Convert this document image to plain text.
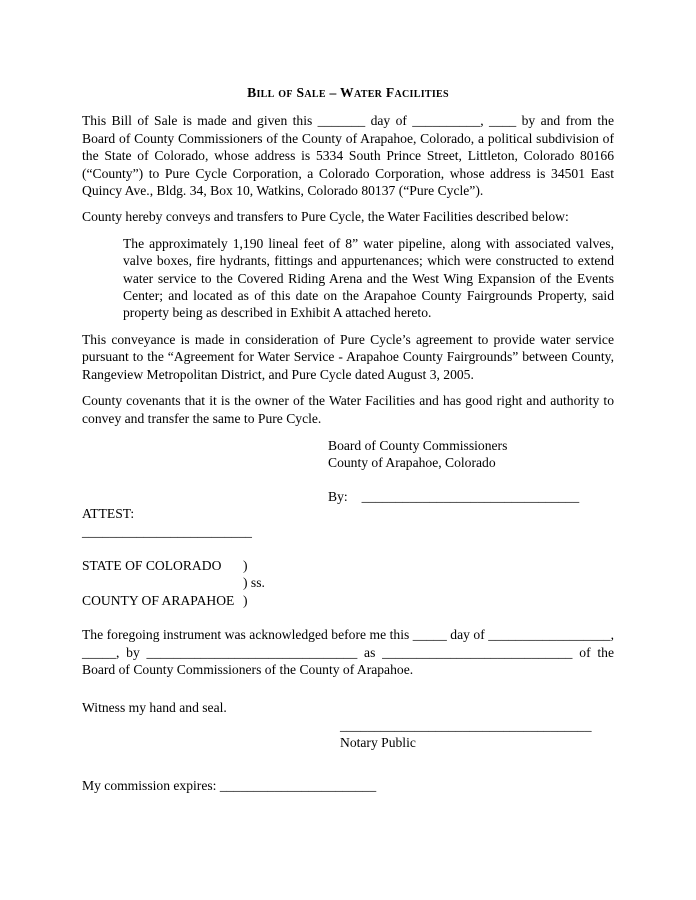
Bill of Sale – Water Facilities

This Bill of Sale is made and given this _______ day of __________, ____ by and from the Board of County Commissioners of the County of Arapahoe, Colorado, a political subdivision of the State of Colorado, whose address is 5334 South Prince Street, Littleton, Colorado 80166 (“County”) to Pure Cycle Corporation, a Colorado Corporation, whose address is 34501 East Quincy Ave., Bldg. 34, Box 10, Watkins, Colorado 80137 (“Pure Cycle”).

County hereby conveys and transfers to Pure Cycle, the Water Facilities described below:

The approximately 1,190 lineal feet of 8” water pipeline, along with associated valves, valve boxes, fire hydrants, fittings and appurtenances; which were constructed to extend water service to the Covered Riding Arena and the West Wing Expansion of the Events Center; and located as of this date on the Arapahoe County Fairgrounds Property, said property being as described in Exhibit A attached hereto.

This conveyance is made in consideration of Pure Cycle’s agreement to provide water service pursuant to the “Agreement for Water Service - Arapahoe County Fairgrounds” between County, Rangeview Metropolitan District, and Pure Cycle dated August 3, 2005.

County covenants that it is the owner of the Water Facilities and has good right and authority to convey and transfer the same to Pure Cycle.

Board of County Commissioners
County of Arapahoe, Colorado
By: ________________________________
ATTEST:
_________________________
STATE OF COLORADO )
) ss.
COUNTY OF ARAPAHOE )

The foregoing instrument was acknowledged before me this _____ day of __________________, _____, by _______________________________ as ____________________________ of the Board of County Commissioners of the County of Arapahoe.

Witness my hand and seal.

_____________________________________
Notary Public

My commission expires: _______________________
